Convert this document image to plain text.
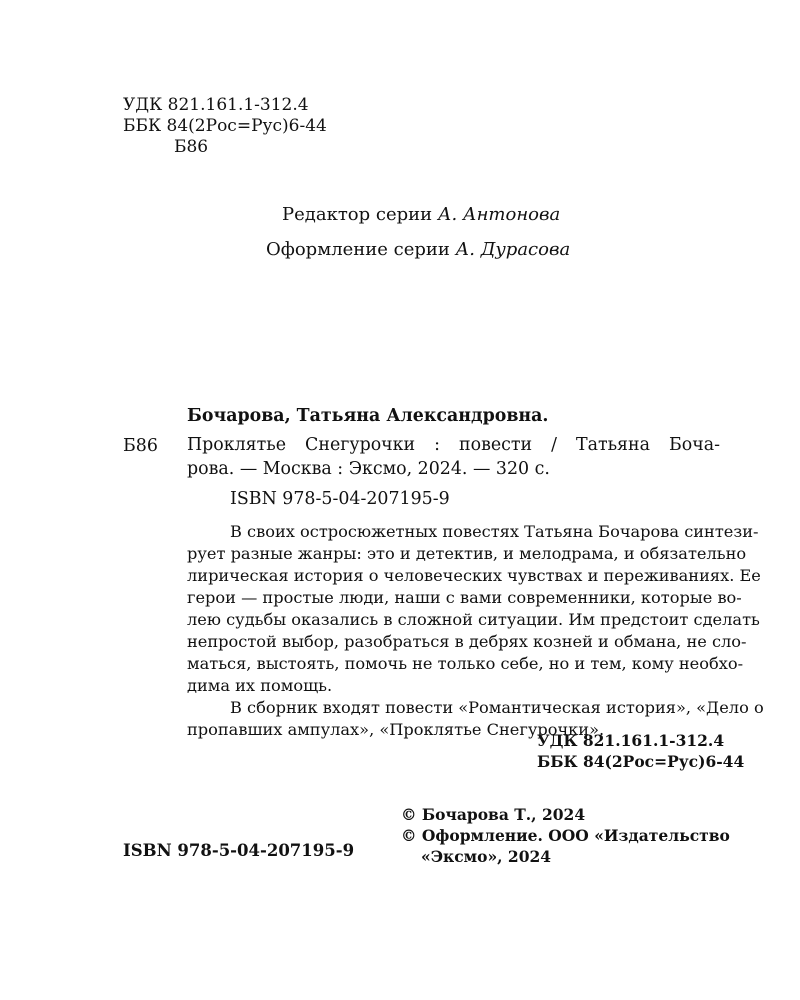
УДК 821.161.1-312.4
ББК 84(2Рос=Рус)6-44
Б86
Редактор серии А. Антонова
Оформление серии А. Дурасова
Бочарова, Татьяна Александровна.
Б86 Проклятье Снегурочки : повести / Татьяна Боча-
рова. — Москва : Эксмо, 2024. — 320 с.
ISBN 978-5-04-207195-9
В своих остросюжетных повестях Татьяна Бочарова синтези-
рует разные жанры: это и детектив, и мелодрама, и обязательно
лирическая история о человеческих чувствах и переживаниях. Ее
герои — простые люди, наши с вами современники, которые во-
лею судьбы оказались в сложной ситуации. Им предстоит сделать
непростой выбор, разобраться в дебрях козней и обмана, не сло-
маться, выстоять, помочь не только себе, но и тем, кому необхо-
дима их помощь.
В сборник входят повести «Романтическая история», «Дело о
пропавших ампулах», «Проклятье Снегурочки».
УДК 821.161.1-312.4
ББК 84(2Рос=Рус)6-44
ISBN 978-5-04-207195-9
© Бочарова Т., 2024
© Оформление. ООО «Издательство
«Эксмо», 2024
